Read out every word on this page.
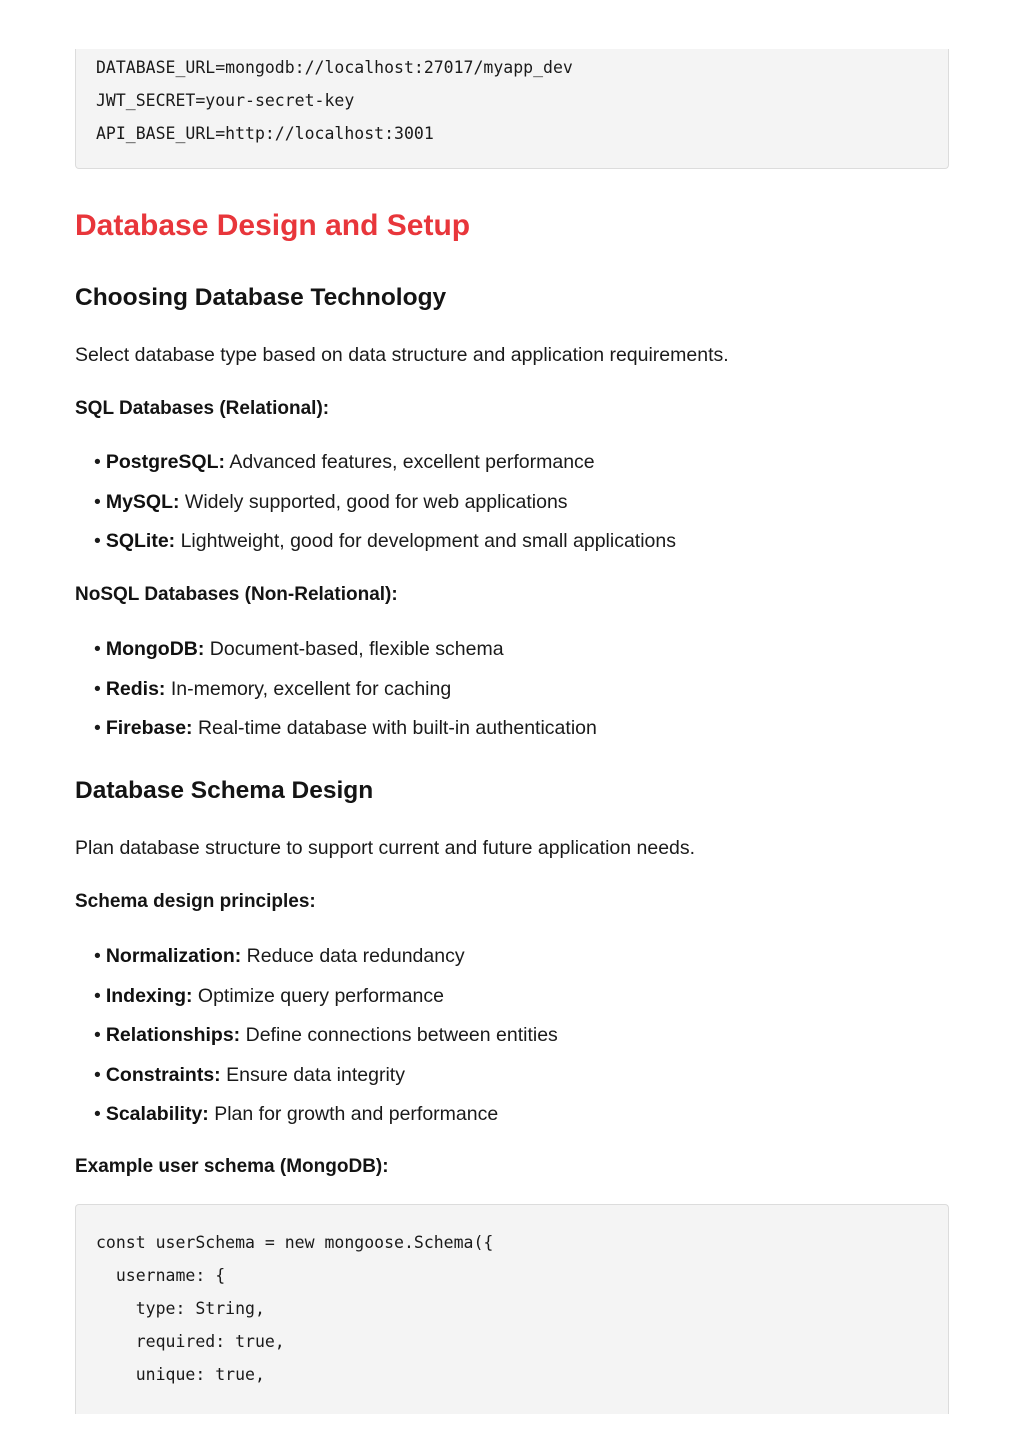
DATABASE_URL=mongodb://localhost:27017/myapp_dev
JWT_SECRET=your-secret-key
API_BASE_URL=http://localhost:3001
Database Design and Setup
Choosing Database Technology

Select database type based on data structure and application requirements.

SQL Databases (Relational):

• PostgreSQL: Advanced features, excellent performance
• MySQL: Widely supported, good for web applications
• SQLite: Lightweight, good for development and small applications

NoSQL Databases (Non-Relational):

• MongoDB: Document-based, flexible schema
• Redis: In-memory, excellent for caching
• Firebase: Real-time database with built-in authentication
Database Schema Design

Plan database structure to support current and future application needs.

Schema design principles:

• Normalization: Reduce data redundancy
• Indexing: Optimize query performance
• Relationships: Define connections between entities
• Constraints: Ensure data integrity
• Scalability: Plan for growth and performance

Example user schema (MongoDB):

const userSchema = new mongoose.Schema({
username: {
type: String,
required: true,
unique: true,
